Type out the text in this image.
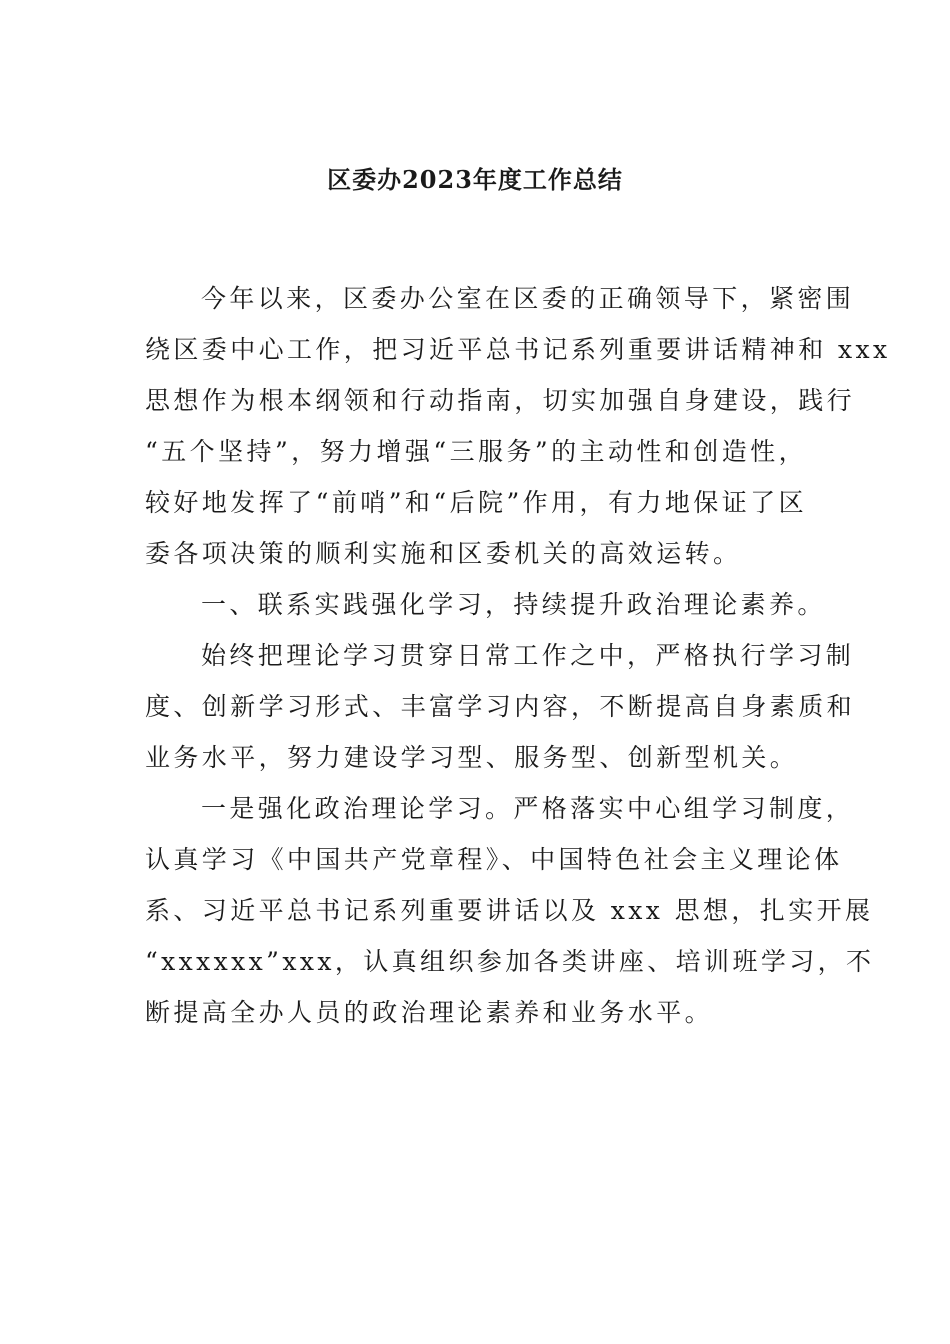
区委办2023年度工作总结
今年以来，区委办公室在区委的正确领导下，紧密围
绕区委中心工作，把习近平总书记系列重要讲话精神和 xxx
思想作为根本纲领和行动指南，切实加强自身建设，践行
“五个坚持”，努力增强“三服务”的主动性和创造性，
较好地发挥了“前哨”和“后院”作用，有力地保证了区
委各项决策的顺利实施和区委机关的高效运转。
一、联系实践强化学习，持续提升政治理论素养。
始终把理论学习贯穿日常工作之中，严格执行学习制
度、创新学习形式、丰富学习内容，不断提高自身素质和
业务水平，努力建设学习型、服务型、创新型机关。
一是强化政治理论学习。严格落实中心组学习制度，
认真学习《中国共产党章程》、中国特色社会主义理论体
系、习近平总书记系列重要讲话以及 xxx 思想，扎实开展
“xxxxxx”xxx，认真组织参加各类讲座、培训班学习，不
断提高全办人员的政治理论素养和业务水平。
